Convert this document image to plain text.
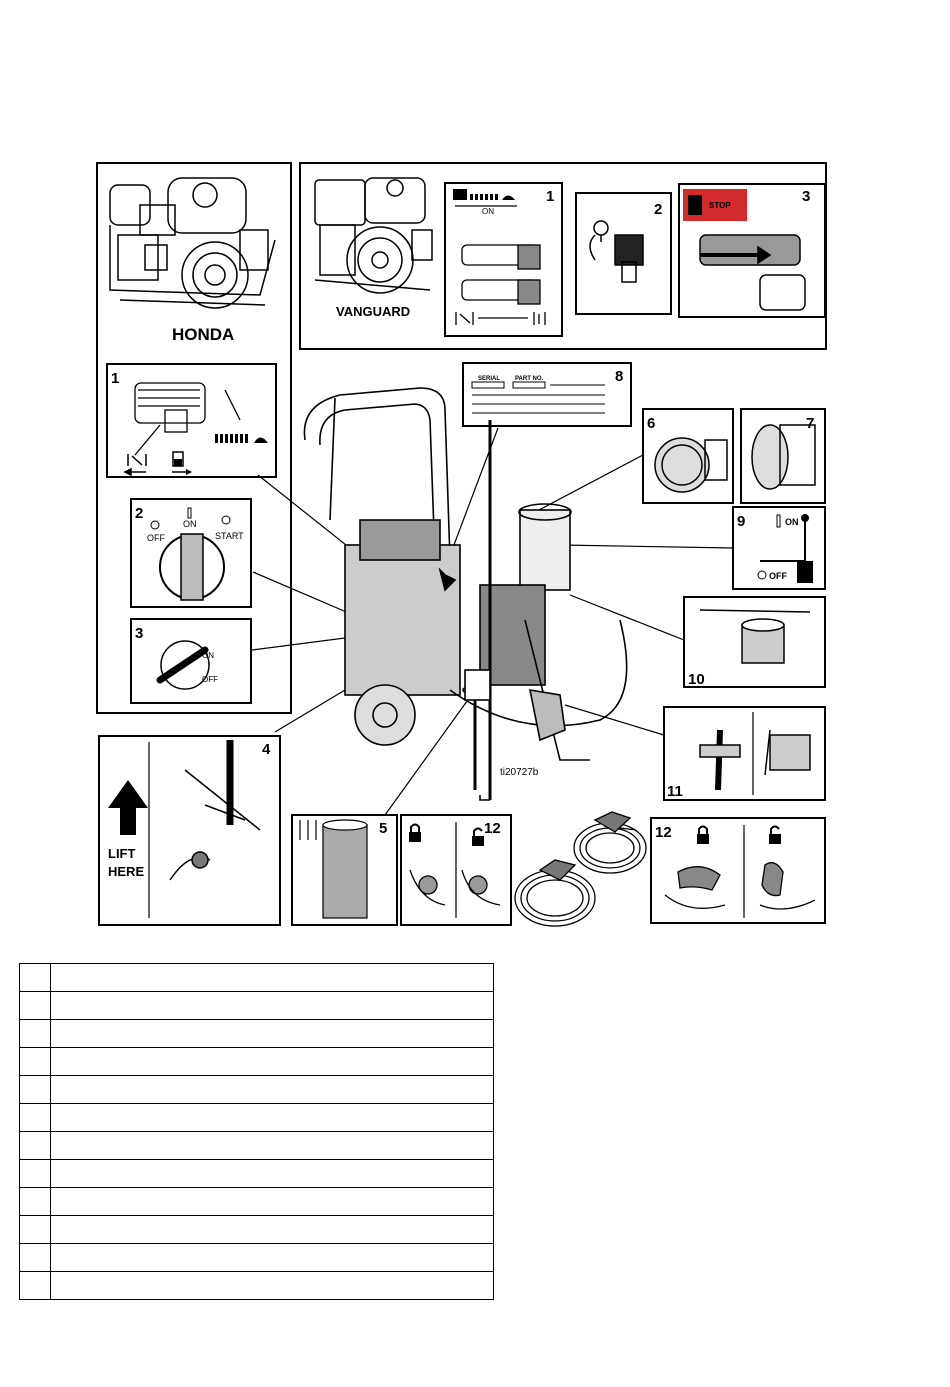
HONDA
1
2
OFF
ON
START
3
ON
OFF
VANGUARD
1
ON	2
3
STOP
ti20727b
8
SERIAL PART NO.
6	7
9	ON
OFF
10
11
4
LIFT
HERE
5	12	12
